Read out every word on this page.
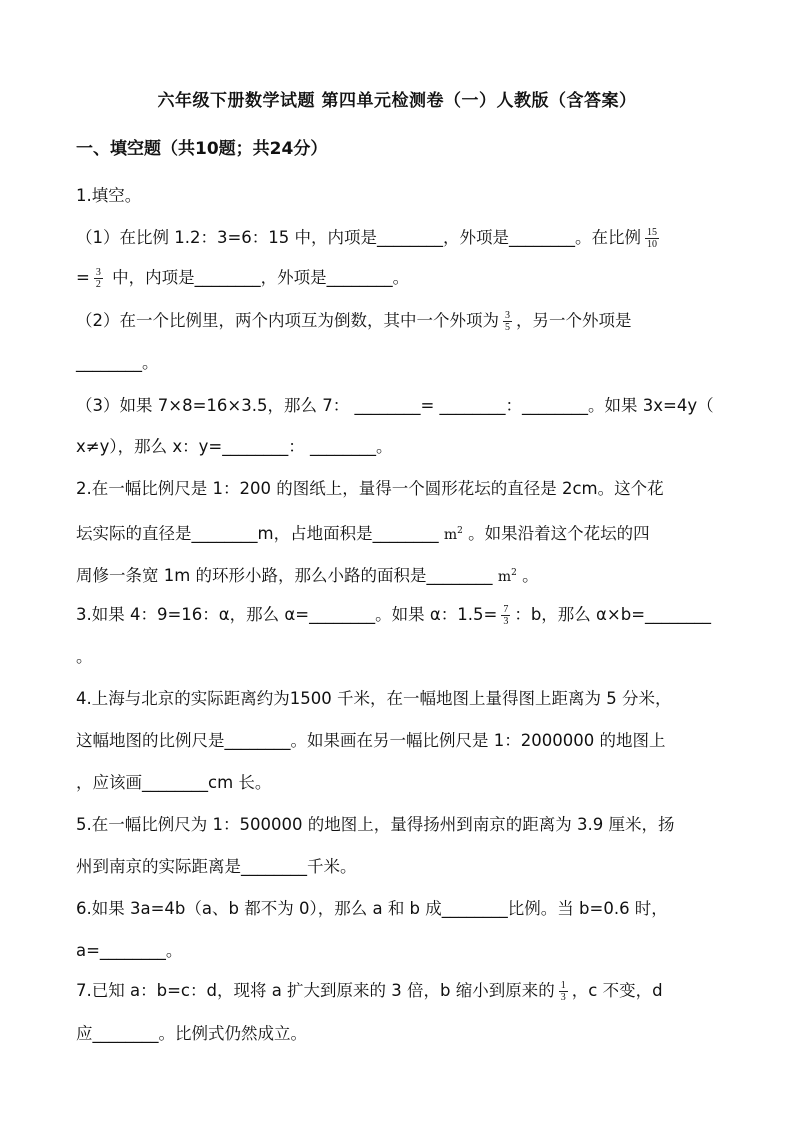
六年级下册数学试题 第四单元检测卷（一）人教版（含答案）
一、填空题（共10题；共24分）
1.填空。
（1）在比例 1.2：3=6：15 中，内项是________，外项是________。在比例 $\frac{15}{10}$
= $\frac{3}{2}$ 中，内项是________，外项是________。
（2）在一个比例里，两个内项互为倒数，其中一个外项为 $\frac{3}{5}$ ，另一个外项是
________。
（3）如果 7×8=16×3.5，那么 7： ________= ________：________。如果 3x=4y（
x≠y），那么 x：y=________： ________。
2.在一幅比例尺是 1：200 的图纸上，量得一个圆形花坛的直径是 2cm。这个花
坛实际的直径是________m，占地面积是________ $m^2$ 。如果沿着这个花坛的四
周修一条宽 1m 的环形小路，那么小路的面积是________ $m^2$ 。
3.如果 4：9=16：α，那么 α=________。如果 α：$1.5= \frac{7}{3}$ ：b，那么 α×b=________
。
4.上海与北京的实际距离约为1500 千米，在一幅地图上量得图上距离为 5 分米，
这幅地图的比例尺是________。如果画在另一幅比例尺是 1：2000000 的地图上
，应该画________cm 长。
5.在一幅比例尺为 1：500000 的地图上，量得扬州到南京的距离为 3.9 厘米，扬
州到南京的实际距离是________千米。
6.如果 3a=4b（a、b 都不为 0），那么 a 和 b 成________比例。当 b=0.6 时，
a=________。
7.已知 a：b=c：d，现将 a 扩大到原来的 3 倍，b 缩小到原来的 $\frac{1}{3}$ ，c 不变，d
应________。比例式仍然成立。
